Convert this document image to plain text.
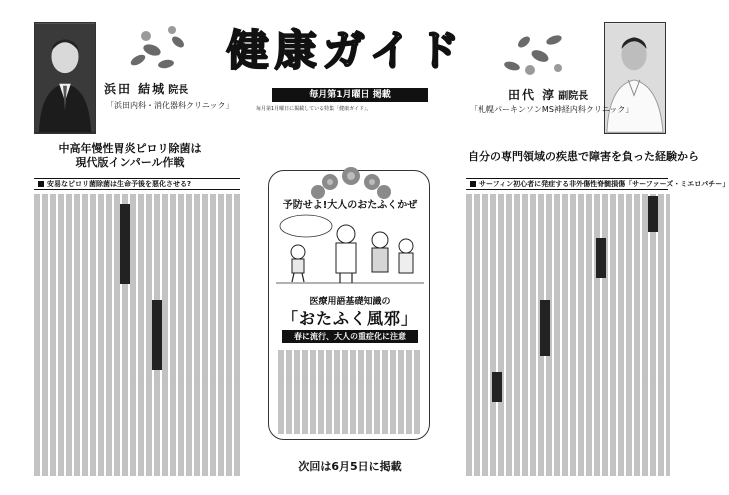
浜田 結城 院長
「浜田内科・消化器科クリニック」
田代 淳 副院長
「札幌パーキンソンMS神経内科クリニック」
健康ガイド
毎月第1月曜日 掲載
毎月第1月曜日に掲載している特集「健康ガイド」。
中高年慢性胃炎ピロリ除菌は
現代版インパール作戦
安易なピロリ菌除菌は生命予後を悪化させる?
自分の専門領域の疾患で障害を負った経験から
サーフィン初心者に発症する非外傷性脊髄損傷「サーファーズ・ミエロパチー」
予防せよ!大人のおたふくかぜ
医療用語基礎知識の
「おたふく風邪」
春に流行、大人の重症化に注意
次回は6月5日に掲載
